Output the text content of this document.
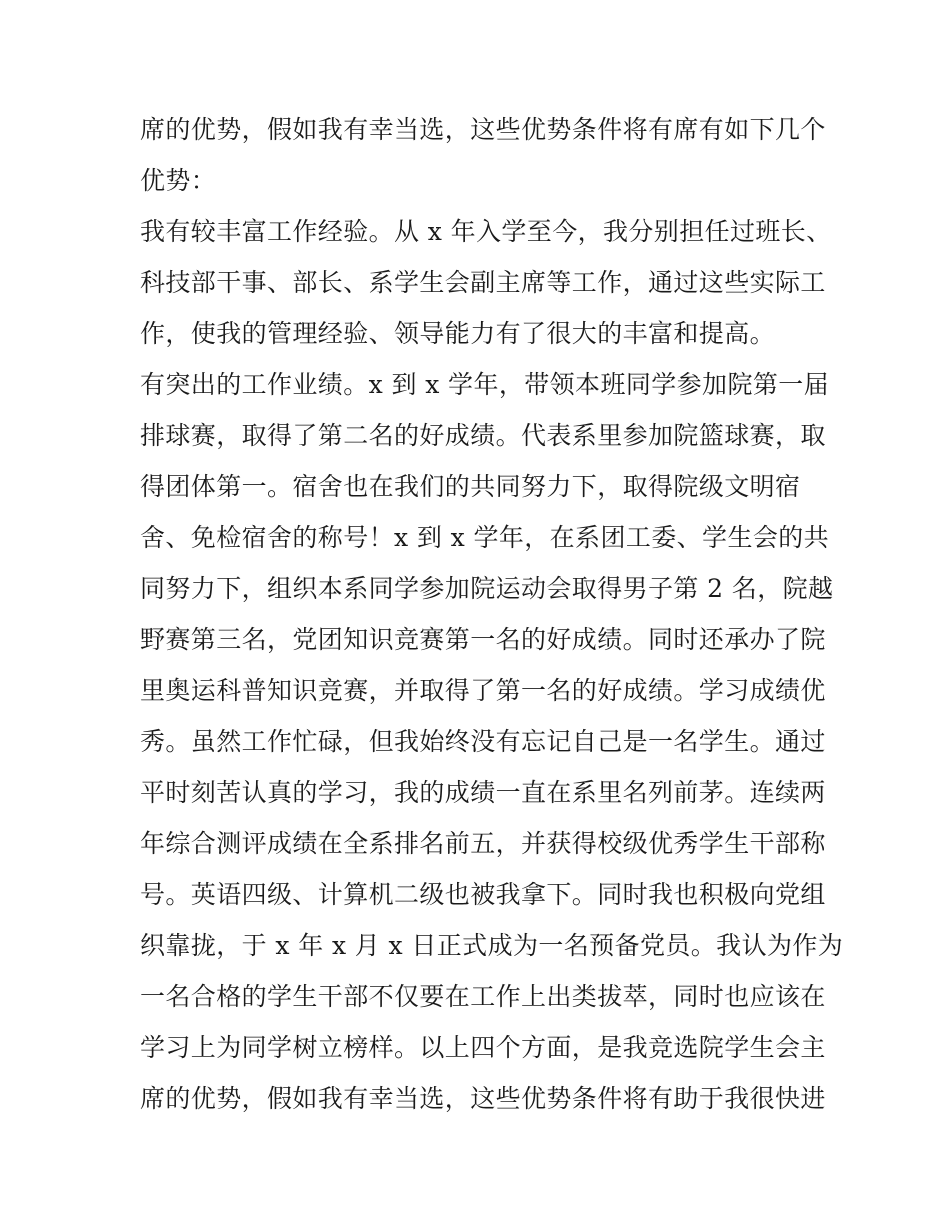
席的优势，假如我有幸当选，这些优势条件将有席有如下几个
优势：
我有较丰富工作经验。从 x 年入学至今，我分别担任过班长、
科技部干事、部长、系学生会副主席等工作，通过这些实际工
作，使我的管理经验、领导能力有了很大的丰富和提高。
有突出的工作业绩。x 到 x 学年，带领本班同学参加院第一届
排球赛，取得了第二名的好成绩。代表系里参加院篮球赛，取
得团体第一。宿舍也在我们的共同努力下，取得院级文明宿
舍、免检宿舍的称号！x 到 x 学年，在系团工委、学生会的共
同努力下，组织本系同学参加院运动会取得男子第 2 名，院越
野赛第三名，党团知识竞赛第一名的好成绩。同时还承办了院
里奥运科普知识竞赛，并取得了第一名的好成绩。学习成绩优
秀。虽然工作忙碌，但我始终没有忘记自己是一名学生。通过
平时刻苦认真的学习，我的成绩一直在系里名列前茅。连续两
年综合测评成绩在全系排名前五，并获得校级优秀学生干部称
号。英语四级、计算机二级也被我拿下。同时我也积极向党组
织靠拢，于 x 年 x 月 x 日正式成为一名预备党员。我认为作为
一名合格的学生干部不仅要在工作上出类拔萃，同时也应该在
学习上为同学树立榜样。以上四个方面，是我竞选院学生会主
席的优势，假如我有幸当选，这些优势条件将有助于我很快进
